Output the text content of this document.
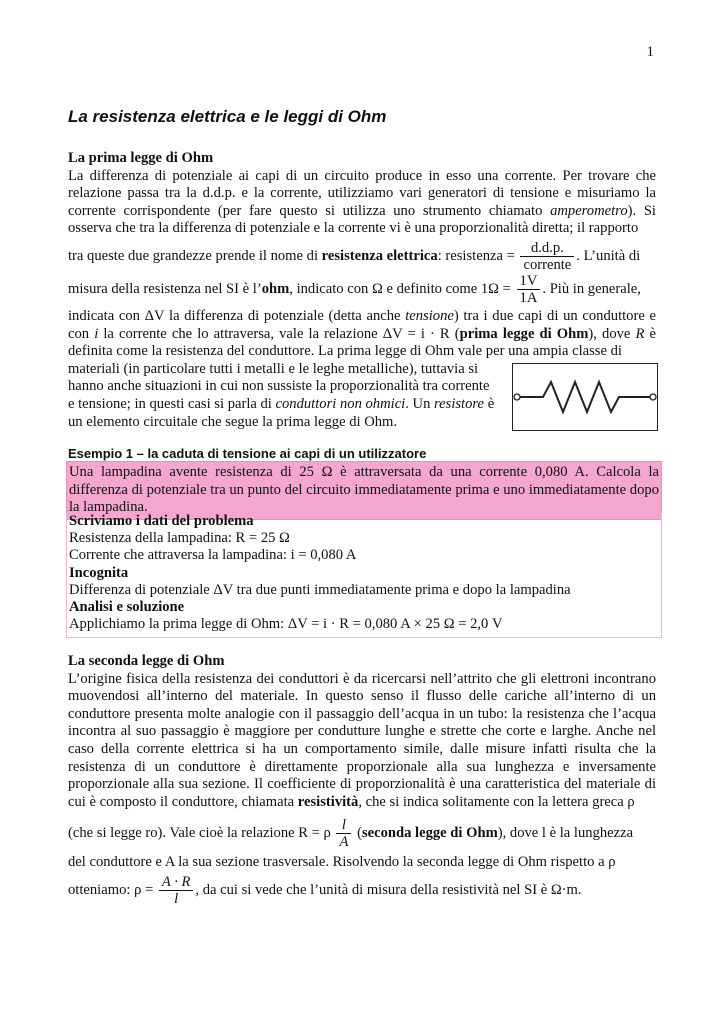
1
La resistenza elettrica e le leggi di Ohm
La prima legge di Ohm
La differenza di potenziale ai capi di un circuito produce in esso una corrente. Per trovare che relazione passa tra la d.d.p. e la corrente, utilizziamo vari generatori di tensione e misuriamo la corrente corrispondente (per fare questo si utilizza uno strumento chiamato amperometro). Si osserva che tra la differenza di potenziale e la corrente vi è una proporzionalità diretta; il rapporto
tra queste due grandezze prende il nome di resistenza elettrica: resistenza = $\frac{d.d.p.}{\text{corrente}}$ . L’unità di
misura della resistenza nel SI è l’ohm, indicato con Ω e definito come $1\Omega = \frac{1V}{1A}$ . Più in generale,
indicata con ΔV la differenza di potenziale (detta anche tensione) tra i due capi di un conduttore e con i la corrente che lo attraversa, vale la relazione ΔV = i · R (prima legge di Ohm), dove R è definita come la resistenza del conduttore. La prima legge di Ohm vale per una ampia classe di
materiali (in particolare tutti i metalli e le leghe metalliche), tuttavia si
hanno anche situazioni in cui non sussiste la proporzionalità tra corrente
e tensione; in questi casi si parla di conduttori non ohmici. Un resistore è
un elemento circuitale che segue la prima legge di Ohm.
Esempio 1 – la caduta di tensione ai capi di un utilizzatore
Una lampadina avente resistenza di 25 Ω è attraversata da una corrente 0,080 A. Calcola la differenza di potenziale tra un punto del circuito immediatamente prima e uno immediatamente dopo la lampadina.
Scriviamo i dati del problema
Resistenza della lampadina: R = 25 Ω
Corrente che attraversa la lampadina: i = 0,080 A
Incognita
Differenza di potenziale ΔV tra due punti immediatamente prima e dopo la lampadina
Analisi e soluzione
Applichiamo la prima legge di Ohm: ΔV = i · R = 0,080 A × 25 Ω = 2,0 V
La seconda legge di Ohm
L’origine fisica della resistenza dei conduttori è da ricercarsi nell’attrito che gli elettroni incontrano muovendosi all’interno del materiale. In questo senso il flusso delle cariche all’interno di un conduttore presenta molte analogie con il passaggio dell’acqua in un tubo: la resistenza che l’acqua incontra al suo passaggio è maggiore per condutture lunghe e strette che corte e larghe. Anche nel caso della corrente elettrica si ha un comportamento simile, dalle misure infatti risulta che la resistenza di un conduttore è direttamente proporzionale alla sua lunghezza e inversamente proporzionale alla sua sezione. Il coefficiente di proporzionalità è una caratteristica del materiale di cui è composto il conduttore, chiamata resistività, che si indica solitamente con la lettera greca ρ
(che si legge ro). Vale cioè la relazione R = ρ $\frac{l}{A}$ (seconda legge di Ohm), dove l è la lunghezza
del conduttore e A la sua sezione trasversale. Risolvendo la seconda legge di Ohm rispetto a ρ
otteniamo: $\rho = \frac{A \cdot R}{l}$ , da cui si vede che l’unità di misura della resistività nel SI è Ω·m.
